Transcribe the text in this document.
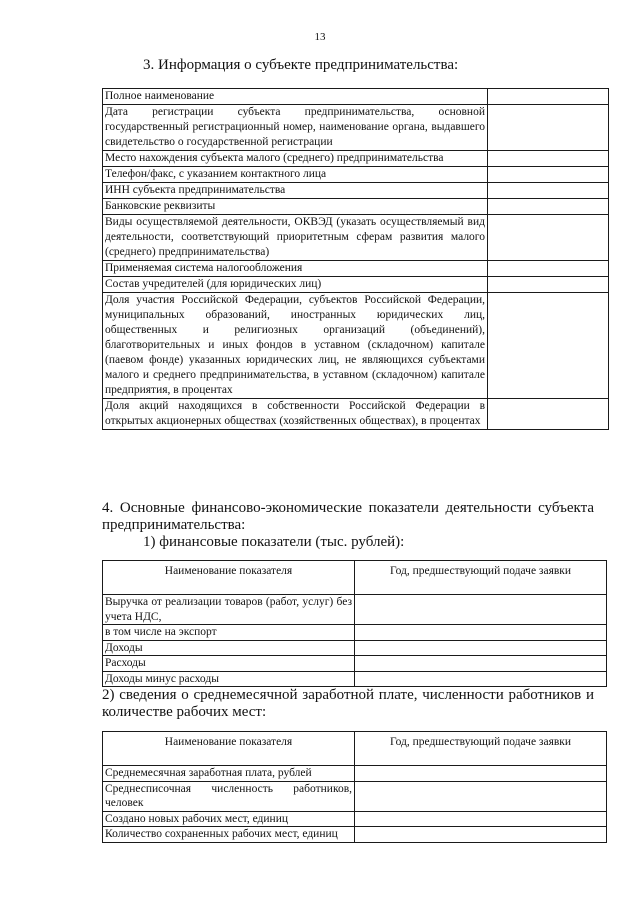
13
3. Информация о субъекте предпринимательства:
Полное наименование	
Дата регистрации субъекта предпринимательства, основной государственный регистрационный номер, наименование органа, выдавшего свидетельство о государственной регистрации	
Место нахождения субъекта малого (среднего) предпринимательства	
Телефон/факс, с указанием контактного лица	
ИНН субъекта предпринимательства	
Банковские реквизиты	
Виды осуществляемой деятельности, ОКВЭД (указать осуществляемый вид деятельности, соответствующий приоритетным сферам развития малого (среднего) предпринимательства)	
Применяемая система налогообложения	
Состав учредителей (для юридических лиц)	
Доля участия Российской Федерации, субъектов Российской Федерации, муниципальных образований, иностранных юридических лиц, общественных и религиозных организаций (объединений), благотворительных и иных фондов в уставном (складочном) капитале (паевом фонде) указанных юридических лиц, не являющихся субъектами малого и среднего предпринимательства, в уставном (складочном) капитале предприятия, в процентах	
Доля акций находящихся в собственности Российской Федерации в открытых акционерных обществах (хозяйственных обществах), в процентах	

4. Основные финансово-экономические показатели деятельности субъекта предпринимательства:

1) финансовые показатели (тыс. рублей):

Наименование показателя	Год, предшествующий подаче заявки
Выручка от реализации товаров (работ, услуг) без учета НДС,	
в том числе на экспорт	
Доходы	
Расходы	
Доходы минус расходы	

2) сведения о среднемесячной заработной плате, численности работников и количестве рабочих мест:

Наименование показателя	Год, предшествующий подаче заявки
Среднемесячная заработная плата, рублей	
Среднесписочная численность работников, человек	
Создано новых рабочих мест, единиц	
Количество сохраненных рабочих мест, единиц	
